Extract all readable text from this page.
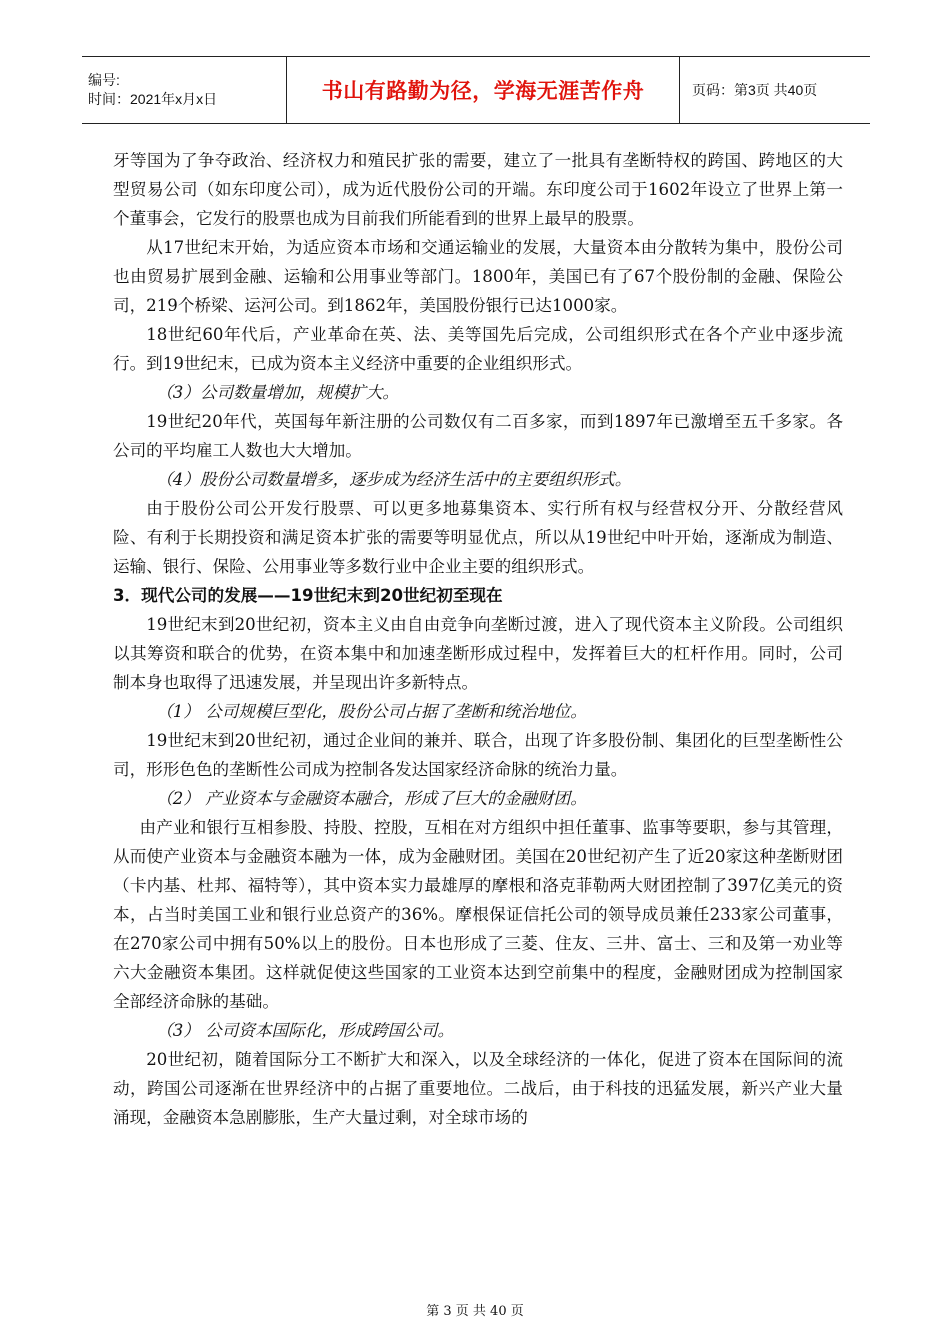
编号:
时间：2021年x月x日	书山有路勤为径，学海无涯苦作舟	页码：第3页 共40页

牙等国为了争夺政治、经济权力和殖民扩张的需要，建立了一批具有垄断特权的跨国、跨地区的大型贸易公司（如东印度公司），成为近代股份公司的开端。东印度公司于1602年设立了世界上第一个董事会，它发行的股票也成为目前我们所能看到的世界上最早的股票。

从17世纪末开始，为适应资本市场和交通运输业的发展，大量资本由分散转为集中，股份公司也由贸易扩展到金融、运输和公用事业等部门。1800年，美国已有了67个股份制的金融、保险公司，219个桥梁、运河公司。到1862年，美国股份银行已达1000家。

18世纪60年代后，产业革命在英、法、美等国先后完成，公司组织形式在各个产业中逐步流行。到19世纪末，已成为资本主义经济中重要的企业组织形式。

（3）公司数量增加，规模扩大。

19世纪20年代，英国每年新注册的公司数仅有二百多家，而到1897年已激增至五千多家。各公司的平均雇工人数也大大增加。

（4）股份公司数量增多，逐步成为经济生活中的主要组织形式。

由于股份公司公开发行股票、可以更多地募集资本、实行所有权与经营权分开、分散经营风险、有利于长期投资和满足资本扩张的需要等明显优点，所以从19世纪中叶开始，逐渐成为制造、运输、银行、保险、公用事业等多数行业中企业主要的组织形式。

3．现代公司的发展——19世纪末到20世纪初至现在

19世纪末到20世纪初，资本主义由自由竞争向垄断过渡，进入了现代资本主义阶段。公司组织以其筹资和联合的优势，在资本集中和加速垄断形成过程中，发挥着巨大的杠杆作用。同时，公司制本身也取得了迅速发展，并呈现出许多新特点。

（1） 公司规模巨型化，股份公司占据了垄断和统治地位。

19世纪末到20世纪初，通过企业间的兼并、联合，出现了许多股份制、集团化的巨型垄断性公司，形形色色的垄断性公司成为控制各发达国家经济命脉的统治力量。

（2） 产业资本与金融资本融合，形成了巨大的金融财团。

由产业和银行互相参股、持股、控股，互相在对方组织中担任董事、监事等要职，参与其管理，从而使产业资本与金融资本融为一体，成为金融财团。美国在20世纪初产生了近20家这种垄断财团（卡内基、杜邦、福特等），其中资本实力最雄厚的摩根和洛克菲勒两大财团控制了397亿美元的资本，占当时美国工业和银行业总资产的36%。摩根保证信托公司的领导成员兼任233家公司董事，在270家公司中拥有50%以上的股份。日本也形成了三菱、住友、三井、富士、三和及第一劝业等六大金融资本集团。这样就促使这些国家的工业资本达到空前集中的程度，金融财团成为控制国家全部经济命脉的基础。

（3） 公司资本国际化，形成跨国公司。

20世纪初，随着国际分工不断扩大和深入，以及全球经济的一体化，促进了资本在国际间的流动，跨国公司逐渐在世界经济中的占据了重要地位。二战后，由于科技的迅猛发展，新兴产业大量涌现，金融资本急剧膨胀，生产大量过剩，对全球市场的

第 3 页 共 40 页
